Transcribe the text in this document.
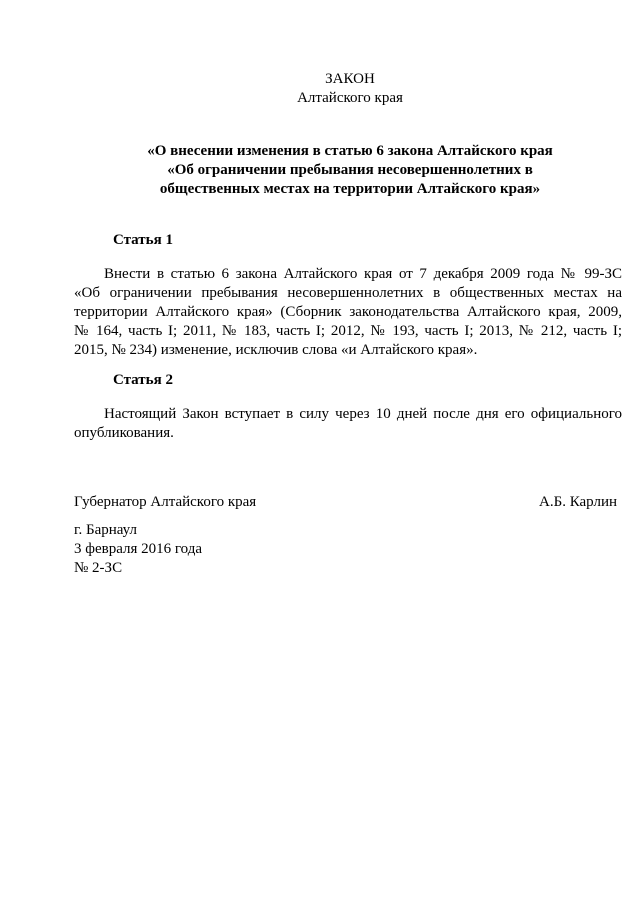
ЗАКОН
Алтайского края
«О внесении изменения в статью 6 закона Алтайского края
«Об ограничении пребывания несовершеннолетних в
общественных местах на территории Алтайского края»
Статья 1
Внести в статью 6 закона Алтайского края от 7 декабря 2009 года № 99-ЗС
«Об ограничении пребывания несовершеннолетних в общественных местах на
территории Алтайского края» (Сборник законодательства Алтайского края, 2009,
№ 164, часть I; 2011, № 183, часть I; 2012, № 193, часть I; 2013, № 212, часть I;
2015, № 234) изменение, исключив слова «и Алтайского края».
Статья 2
Настоящий Закон вступает в силу через 10 дней после дня его официального
опубликования.
Губернатор Алтайского края	А.Б. Карлин
г. Барнаул
3 февраля 2016 года
№ 2-ЗС
